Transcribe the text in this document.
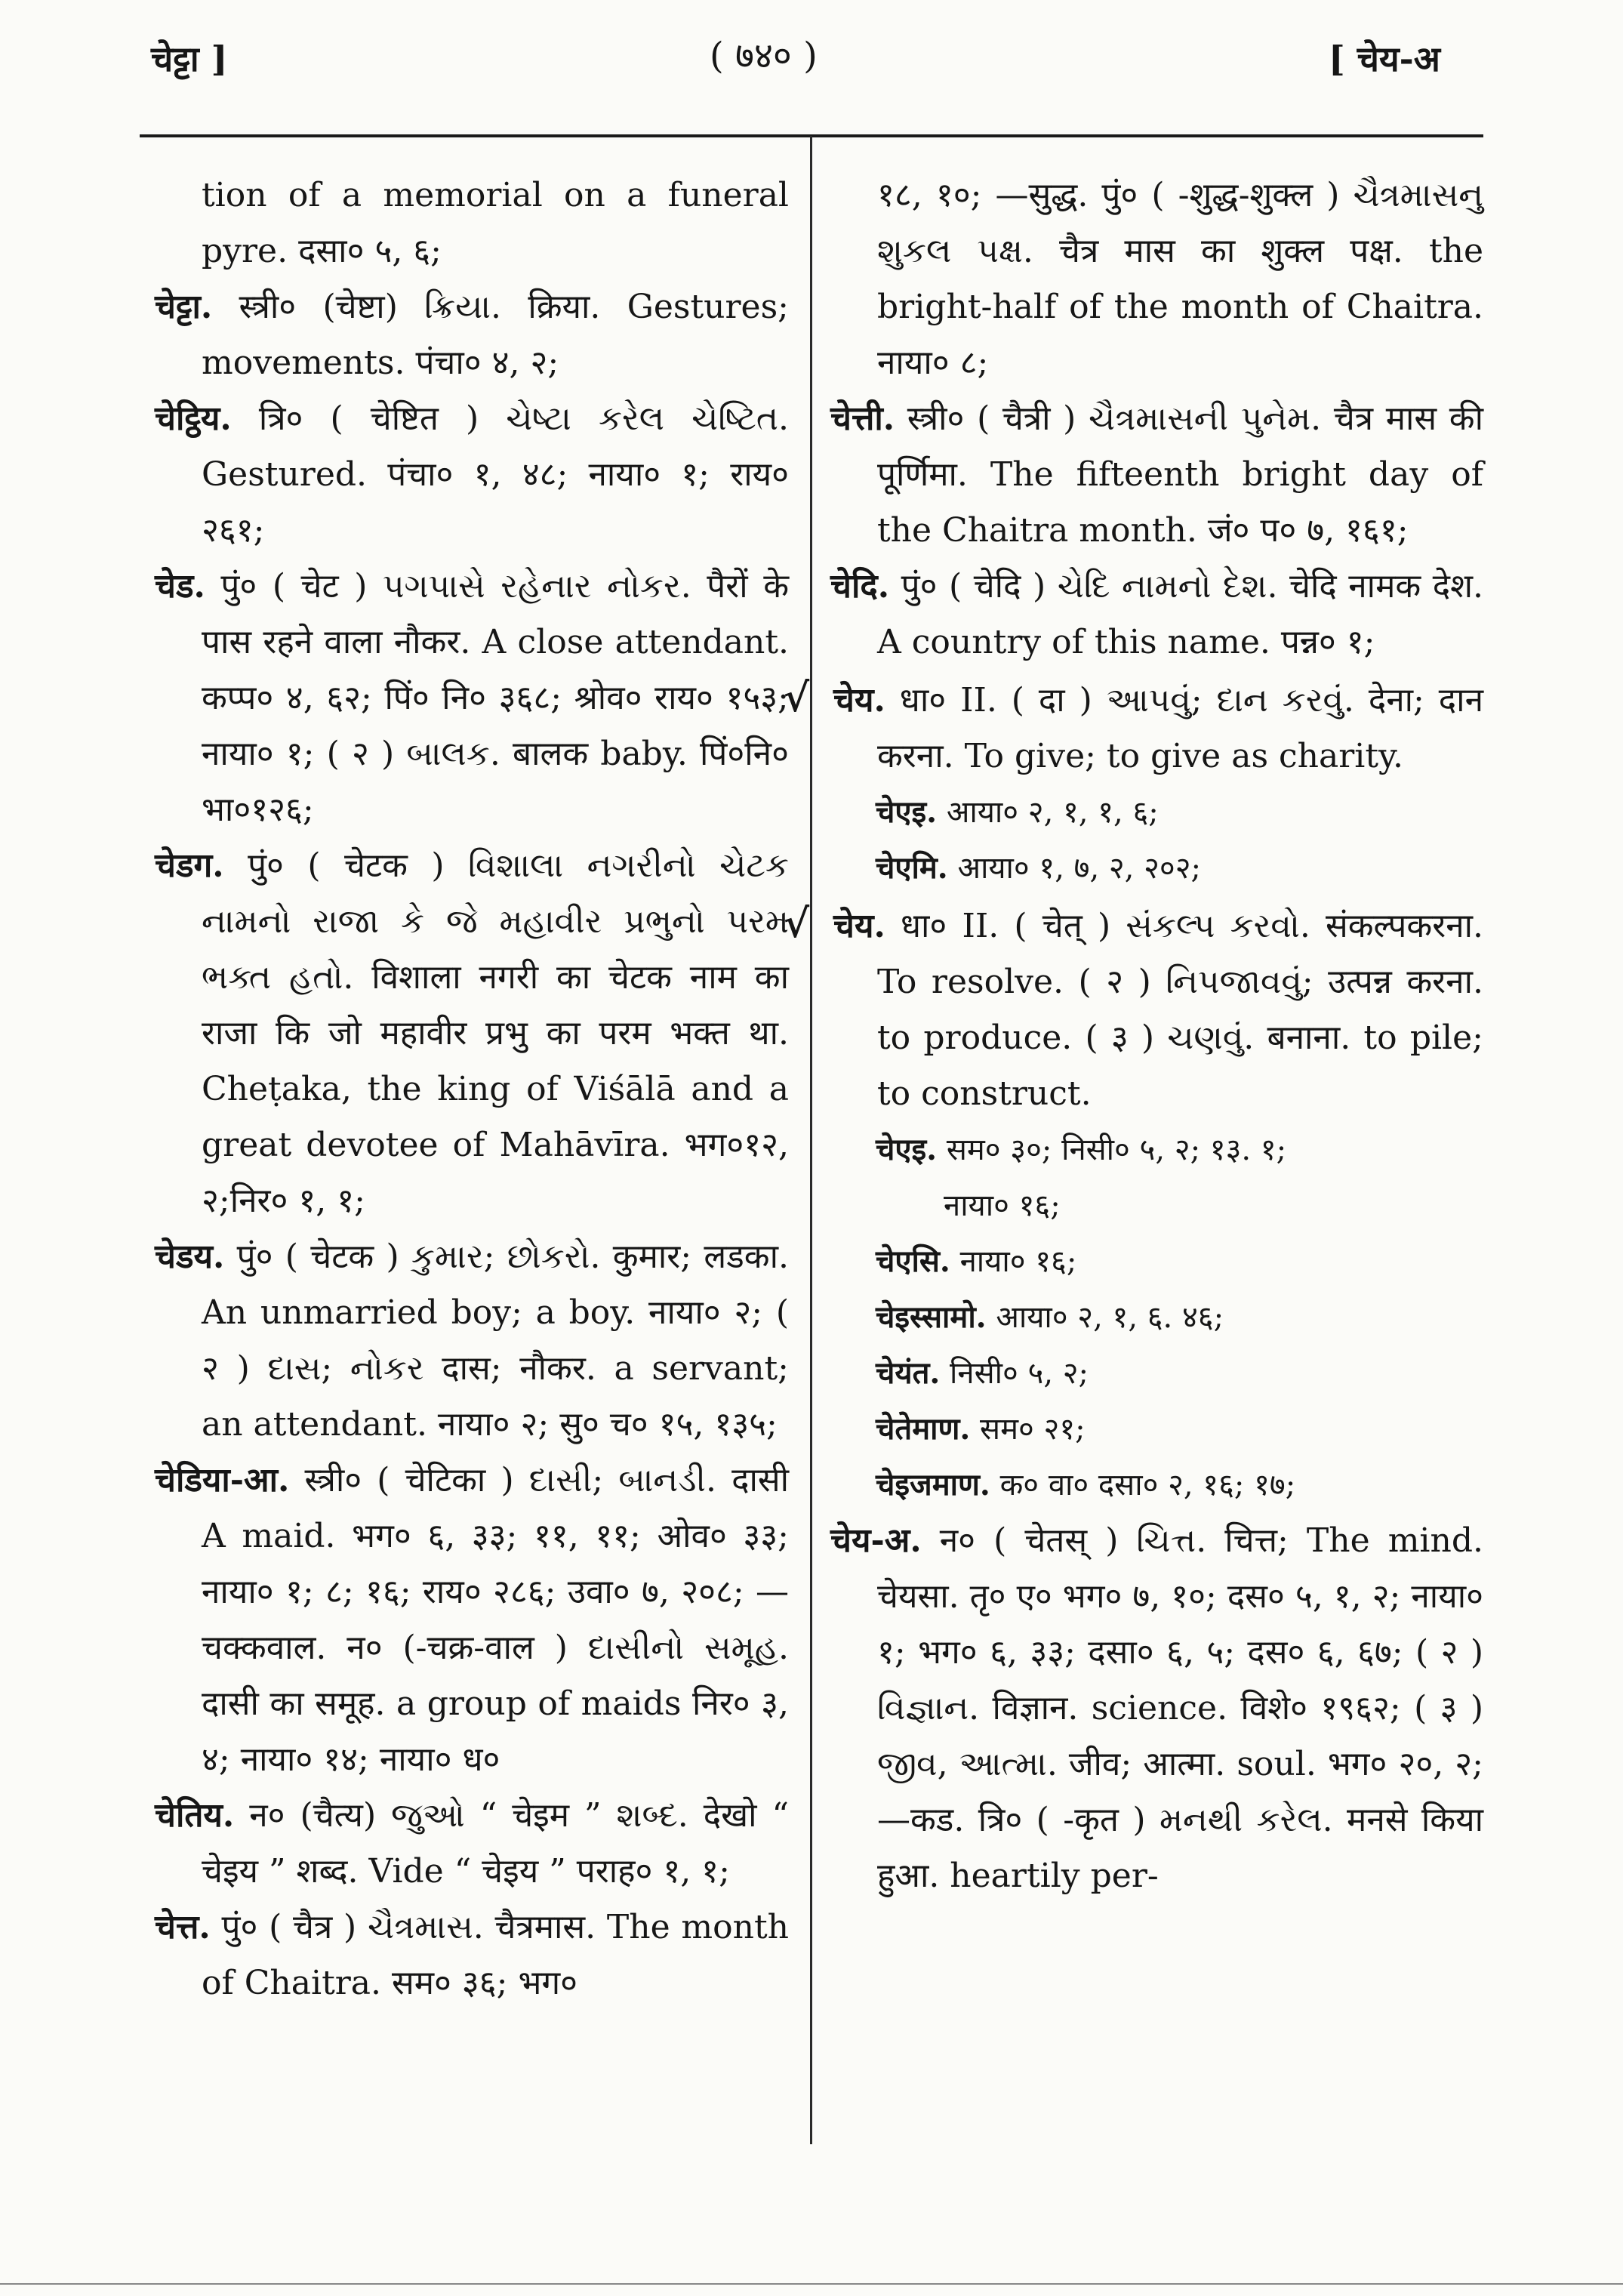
चेट्टा ]	( ७४० )	[ चेय-अ

tion of a memorial on a funeral pyre. दसा० ५, ६;

चेट्टा. स्त्री० (चेष्टा) ક્રિયા. क्रिया. Gestures; movements. पंचा० ४, २;

चेट्ठिय. त्रि० ( चेष्टित ) ચેષ્ટા કરેલ ચેષ્ટિત. Gestured. पंचा० १, ४८; नाया० १; राय० २६१;

चेड. पुं० ( चेट ) પગપાસે રહેનાર નોકર. पैरों के पास रहने वाला नौकर. A close attendant. कप्प० ४, ६२; पिं० नि० ३६८; श्रोव० राय० १५३; नाया० १; ( २ ) બાલક. बालक baby. पिं०नि० भा०१२६;

चेडग. पुं० ( चेटक ) વિશાલા નગરીનો ચેટક નામનો રાજા કે જે મહાવીર પ્રભુનો પરમ ભક્ત હતો. विशाला नगरी का चेटक नाम का राजा कि जो महावीर प्रभु का परम भक्त था. Cheṭaka, the king of Viśālā and a great devotee of Mahāvīra. भग०१२, २;निर० १, १;

चेडय. पुं० ( चेटक ) કુમાર; છોકરો. कुमार; लडका. An unmarried boy; a boy. नाया० २; ( २ ) દાસ; નોકર दास; नौकर. a servant; an attendant. नाया० २; सु० च० १५, १३५;

चेडिया-आ. स्त्री० ( चेटिका ) દાસી; બાનડી. दासी A maid. भग० ६, ३३; ११, ११; ओव० ३३; नाया० १; ८; १६; राय० २८६; उवा० ७, २०८; —चक्कवाल. न० (-चक्र-वाल ) દાસીનો સમૂહ. दासी का समूह. a group of maids निर० ३, ४; नाया० १४; नाया० ध०

चेतिय. न० (चैत्य) જુઓ “ चेइम ” શબ્દ. देखो “ चेइय ” शब्द. Vide “ चेइय ” पराह० १, १;

चेत्त. पुं० ( चैत्र ) ચૈત્રમાસ. चैत्रमास. The month of Chaitra. सम० ३६; भग०

१८, १०; —सुद्ध. पुं० ( -शुद्ध-शुक्ल ) ચૈત્રમાસનુ શુકલ પક્ષ. चैत्र मास का शुक्ल पक्ष. the bright-half of the month of Chaitra. नाया० ८;

चेत्ती. स्त्री० ( चैत्री ) ચૈત્રમાસની પુનેમ. चैत्र मास की पूर्णिमा. The fifteenth bright day of the Chaitra month. जं० प० ७, १६१;

चेदि. पुं० ( चेदि ) ચેદિ નામનો દેશ. चेदि नामक देश. A country of this name. पन्न० १;

√ चेय. धा० II. ( दा ) આપવું; દાન કરવું. देना; दान करना. To give; to give as charity.

चेएइ. आया० २, १, १, ६;

चेएमि. आया० १, ७, २, २०२;

√ चेय. धा० II. ( चेत् ) સંકલ્પ કરવો. संकल्पकरना. To resolve. ( २ ) નિપજાવવું; उत्पन्न करना. to produce. ( ३ ) ચણવું. बनाना. to pile; to construct.

चेएइ. सम० ३०; निसी० ५, २; १३. १;

नाया० १६;

चेएसि. नाया० १६;

चेइस्सामो. आया० २, १, ६. ४६;

चेयंत. निसी० ५, २;

चेतेमाण. सम० २१;

चेइजमाण. क० वा० दसा० २, १६; १७;

चेय-अ. न० ( चेतस् ) ચિત્ત. चित्त; The mind. चेयसा. तृ० ए० भग० ७, १०; दस० ५, १, २; नाया० १; भग० ६, ३३; दसा० ६, ५; दस० ६, ६७; ( २ ) વિજ્ઞાન. विज्ञान. science. विशे० १९६२; ( ३ ) જીવ, આત્મા. जीव; आत्मा. soul. भग० २०, २; —कड. त्रि० ( -कृत ) મનથી કરેલ. मनसे किया हुआ. heartily per-
